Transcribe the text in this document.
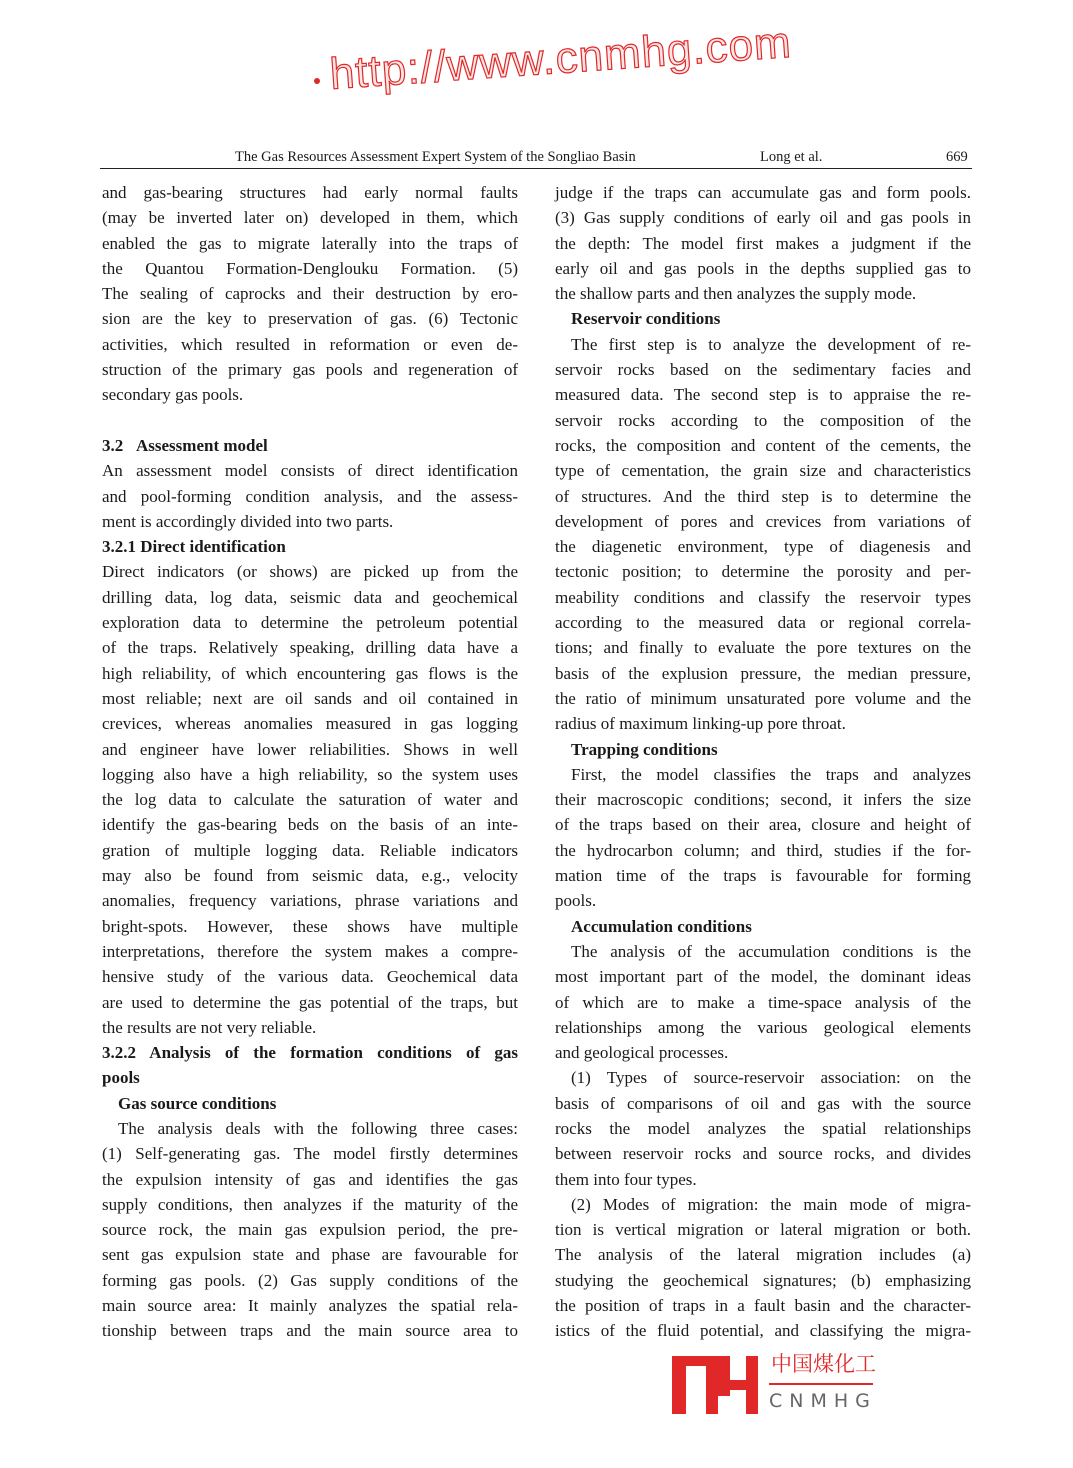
The Gas Resources Assessment Expert System of the Songliao Basin	Long et al.	669
and gas-bearing structures had early normal faults
(may be inverted later on) developed in them, which
enabled the gas to migrate laterally into the traps of
the Quantou Formation-Denglouku Formation. (5)
The sealing of caprocks and their destruction by ero-
sion are the key to preservation of gas. (6) Tectonic
activities, which resulted in reformation or even de-
struction of the primary gas pools and regeneration of
secondary gas pools.
3.2   Assessment model
An assessment model consists of direct identification
and pool-forming condition analysis, and the assess-
ment is accordingly divided into two parts.
3.2.1 Direct identification
Direct indicators (or shows) are picked up from the
drilling data, log data, seismic data and geochemical
exploration data to determine the petroleum potential
of the traps. Relatively speaking, drilling data have a
high reliability, of which encountering gas flows is the
most reliable; next are oil sands and oil contained in
crevices, whereas anomalies measured in gas logging
and engineer have lower reliabilities. Shows in well
logging also have a high reliability, so the system uses
the log data to calculate the saturation of water and
identify the gas-bearing beds on the basis of an inte-
gration of multiple logging data. Reliable indicators
may also be found from seismic data, e.g., velocity
anomalies, frequency variations, phrase variations and
bright-spots. However, these shows have multiple
interpretations, therefore the system makes a compre-
hensive study of the various data. Geochemical data
are used to determine the gas potential of the traps, but
the results are not very reliable.
3.2.2 Analysis of the formation conditions of gas
pools
Gas source conditions
The analysis deals with the following three cases:
(1) Self-generating gas. The model firstly determines
the expulsion intensity of gas and identifies the gas
supply conditions, then analyzes if the maturity of the
source rock, the main gas expulsion period, the pre-
sent gas expulsion state and phase are favourable for
forming gas pools. (2) Gas supply conditions of the
main source area: It mainly analyzes the spatial rela-
tionship between traps and the main source area to
judge if the traps can accumulate gas and form pools.
(3) Gas supply conditions of early oil and gas pools in
the depth: The model first makes a judgment if the
early oil and gas pools in the depths supplied gas to
the shallow parts and then analyzes the supply mode.
Reservoir conditions
The first step is to analyze the development of re-
servoir rocks based on the sedimentary facies and
measured data. The second step is to appraise the re-
servoir rocks according to the composition of the
rocks, the composition and content of the cements, the
type of cementation, the grain size and characteristics
of structures. And the third step is to determine the
development of pores and crevices from variations of
the diagenetic environment, type of diagenesis and
tectonic position; to determine the porosity and per-
meability conditions and classify the reservoir types
according to the measured data or regional correla-
tions; and finally to evaluate the pore textures on the
basis of the explusion pressure, the median pressure,
the ratio of minimum unsaturated pore volume and the
radius of maximum linking-up pore throat.
Trapping conditions
First, the model classifies the traps and analyzes
their macroscopic conditions; second, it infers the size
of the traps based on their area, closure and height of
the hydrocarbon column; and third, studies if the for-
mation time of the traps is favourable for forming
pools.
Accumulation conditions
The analysis of the accumulation conditions is the
most important part of the model, the dominant ideas
of which are to make a time-space analysis of the
relationships among the various geological elements
and geological processes.
(1) Types of source-reservoir association: on the
basis of comparisons of oil and gas with the source
rocks the model analyzes the spatial relationships
between reservoir rocks and source rocks, and divides
them into four types.
(2) Modes of migration: the main mode of migra-
tion is vertical migration or lateral migration or both.
The analysis of the lateral migration includes (a)
studying the geochemical signatures; (b) emphasizing
the position of traps in a fault basin and the character-
istics of the fluid potential, and classifying the migra-
http://www.cnmhg.com
中国煤化工
CNMHG
